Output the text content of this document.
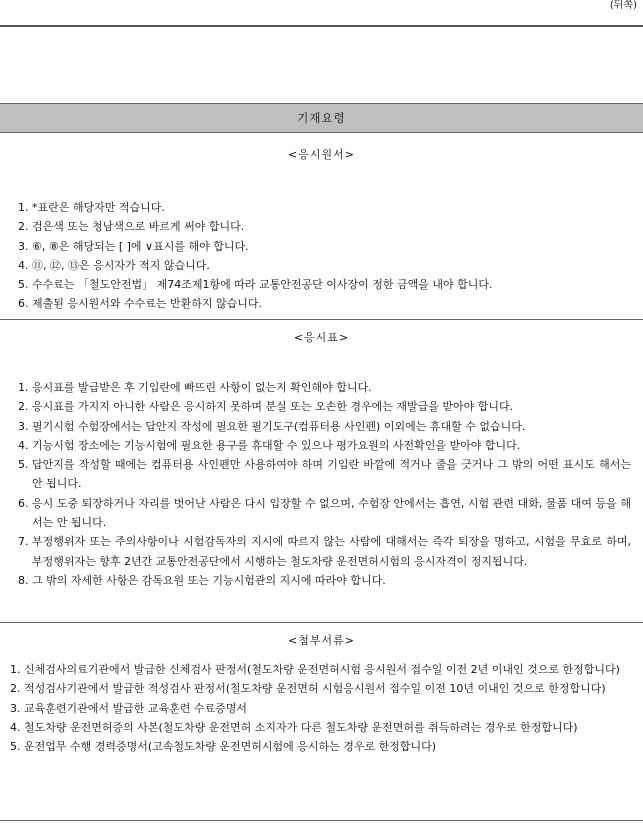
(뒤쪽)
기재요령
<응시원서>
1. *표란은 해당자만 적습니다.
2. 검은색 또는 청남색으로 바르게 써야 합니다.
3. ⑥, ⑧은 해당되는 [ ]에 ∨표시를 해야 합니다.
4. ⑪, ⑫, ⑬은 응시자가 적지 않습니다.
5. 수수료는 「철도안전법」 제74조제1항에 따라 교통안전공단 이사장이 정한 금액을 내야 합니다.
6. 제출된 응시원서와 수수료는 반환하지 않습니다.
<응시표>
1. 응시표를 발급받은 후 기입란에 빠뜨린 사항이 없는지 확인해야 합니다.
2. 응시표를 가지지 아니한 사람은 응시하지 못하며 분실 또는 오손한 경우에는 재발급을 받아야 합니다.
3. 필기시험 수험장에서는 답안지 작성에 필요한 필기도구(컴퓨터용 사인펜) 이외에는 휴대할 수 없습니다.
4. 기능시험 장소에는 기능시험에 필요한 용구를 휴대할 수 있으나 평가요원의 사전확인을 받아야 합니다.
5. 답안지를 작성할 때에는 컴퓨터용 사인펜만 사용하여야 하며 기입란 바깥에 적거나 줄을 긋거나 그 밖의 어떤 표시도 해서는 안 됩니다.
6. 응시 도중 퇴장하거나 자리를 벗어난 사람은 다시 입장할 수 없으며, 수험장 안에서는 흡연, 시험 관련 대화, 물품 대여 등을 해서는 안 됩니다.
7. 부정행위자 또는 주의사항이나 시험감독자의 지시에 따르지 않는 사람에 대해서는 즉각 퇴장을 명하고, 시험을 무효로 하며, 부정행위자는 향후 2년간 교통안전공단에서 시행하는 철도차량 운전면허시험의 응시자격이 정지됩니다.
8. 그 밖의 자세한 사항은 감독요원 또는 기능시험관의 지시에 따라야 합니다.
<첨부서류>
1. 신체검사의료기관에서 발급한 신체검사 판정서(철도차량 운전면허시험 응시원서 접수일 이전 2년 이내인 것으로 한정합니다)
2. 적성검사기관에서 발급한 적성검사 판정서(철도차량 운전면허 시험응시원서 접수일 이전 10년 이내인 것으로 한정합니다)
3. 교육훈련기관에서 발급한 교육훈련 수료증명서
4. 철도차량 운전면허증의 사본(철도차량 운전면허 소지자가 다른 철도차량 운전면허를 취득하려는 경우로 한정합니다)
5. 운전업무 수행 경력증명서(고속철도차량 운전면허시험에 응시하는 경우로 한정합니다)
